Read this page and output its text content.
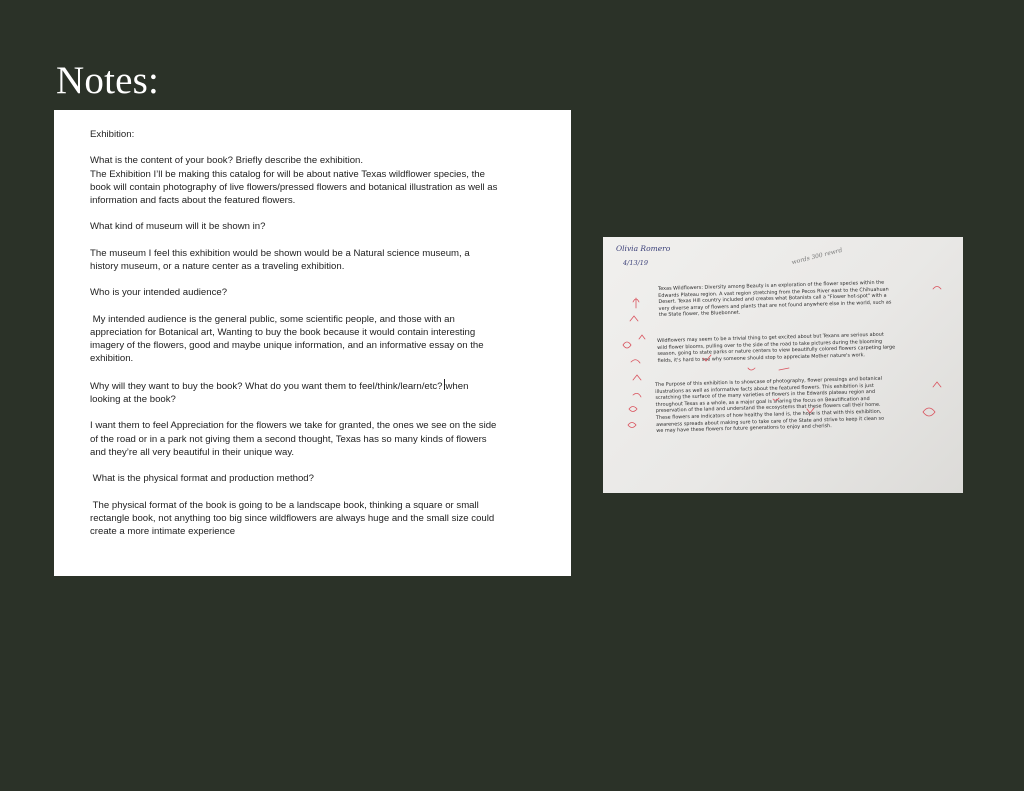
Notes:

Exhibition:

What is the content of your book? Briefly describe the exhibition.
The Exhibition I’ll be making this catalog for will be about native Texas wildflower species, the
book will contain photography of live flowers/pressed flowers and botanical illustration as well as
information and facts about the featured flowers.

What kind of museum will it be shown in?

The museum I feel this exhibition would be shown would be a Natural science museum, a
history museum, or a nature center as a traveling exhibition.

Who is your intended audience?

My intended audience is the general public, some scientific people, and those with an
appreciation for Botanical art, Wanting to buy the book because it would contain interesting
imagery of the flowers, good and maybe unique information, and an informative essay on the
exhibition.

Why will they want to buy the book? What do you want them to feel/think/learn/etc? when
looking at the book?

I want them to feel Appreciation for the flowers we take for granted, the ones we see on the side
of the road or in a park not giving them a second thought, Texas has so many kinds of flowers
and they’re all very beautiful in their unique way.

What is the physical format and production method?

The physical format of the book is going to be a landscape book, thinking a square or small
rectangle book, not anything too big since wildflowers are always huge and the small size could
create a more intimate experience

Olivia Romero
4/13/19	words 300 rewrd
Texas Wildflowers: Diversity among Beauty is an exploration of the flower species within the
Edwards Plateau region. A vast region stretching from the Pecos River east to the Chihuahuan
Desert. Texas Hill country included and creates what Botanists call a "Flower hot-spot" with a
very diverse array of flowers and plants that are not found anywhere else in the world, such as
the State flower, the Bluebonnet.
Wildflowers may seem to be a trivial thing to get excited about but Texans are serious about
wild flower blooms, pulling over to the side of the road to take pictures during the blooming
season, going to state parks or nature centers to view beautifully colored flowers carpeting large
fields, it's hard to see why someone should stop to appreciate Mother nature's work.
The Purpose of this exhibition is to showcase of photography, flower pressings and botanical
illustrations as well as informative facts about the featured flowers. This exhibition is just
scratching the surface of the many varieties of flowers in the Edwards plateau region and
throughout Texas as a whole, as a major goal is sharing the focus on Beautification and
preservation of the land and understand the ecosystems that these flowers call their home.
These flowers are indicators of how healthy the land is, the hope is that with this exhibition,
awareness spreads about making sure to take care of the State and strive to keep it clean so
we may have these flowers for future generations to enjoy and cherish.
